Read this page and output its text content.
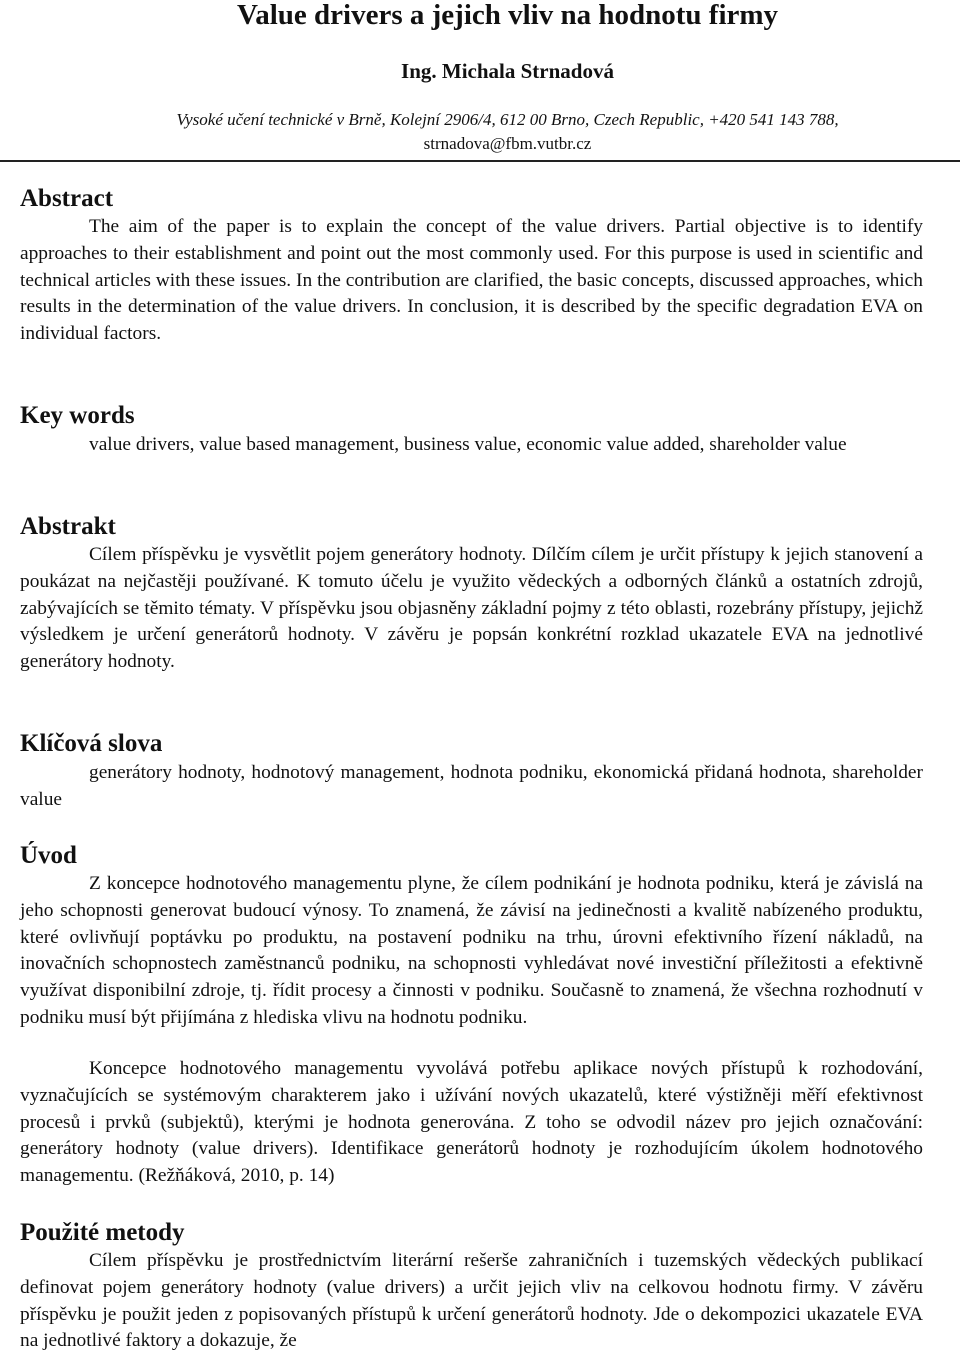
Value drivers a jejich vliv na hodnotu firmy
Ing. Michala Strnadová
Vysoké učení technické v Brně, Kolejní 2906/4, 612 00 Brno, Czech Republic, +420 541 143 788,
strnadova@fbm.vutbr.cz
Abstract

The aim of the paper is to explain the concept of the value drivers. Partial objective is to identify approaches to their establishment and point out the most commonly used. For this purpose is used in scientific and technical articles with these issues. In the contribution are clarified, the basic concepts, discussed approaches, which results in the determination of the value drivers. In conclusion, it is described by the specific degradation EVA on individual factors.

Key words

value drivers, value based management, business value, economic value added, shareholder value

Abstrakt

Cílem příspěvku je vysvětlit pojem generátory hodnoty. Dílčím cílem je určit přístupy k jejich stanovení a poukázat na nejčastěji používané. K tomuto účelu je využito vědeckých a odborných článků a ostatních zdrojů, zabývajících se těmito tématy. V příspěvku jsou objasněny základní pojmy z této oblasti, rozebrány přístupy, jejichž výsledkem je určení generátorů hodnoty. V závěru je popsán konkrétní rozklad ukazatele EVA na jednotlivé generátory hodnoty.

Klíčová slova

generátory hodnoty, hodnotový management, hodnota podniku, ekonomická přidaná hodnota, shareholder value

Úvod

Z koncepce hodnotového managementu plyne, že cílem podnikání je hodnota podniku, která je závislá na jeho schopnosti generovat budoucí výnosy. To znamená, že závisí na jedinečnosti a kvalitě nabízeného produktu, které ovlivňují poptávku po produktu, na postavení podniku na trhu, úrovni efektivního řízení nákladů, na inovačních schopnostech zaměstnanců podniku, na schopnosti vyhledávat nové investiční příležitosti a efektivně využívat disponibilní zdroje, tj. řídit procesy a činnosti v podniku. Současně to znamená, že všechna rozhodnutí v podniku musí být přijímána z hlediska vlivu na hodnotu podniku.

Koncepce hodnotového managementu vyvolává potřebu aplikace nových přístupů k rozhodování, vyznačujících se systémovým charakterem jako i užívání nových ukazatelů, které výstižněji měří efektivnost procesů i prvků (subjektů), kterými je hodnota generována. Z toho se odvodil název pro jejich označování: generátory hodnoty (value drivers). Identifikace generátorů hodnoty je rozhodujícím úkolem hodnotového managementu. (Režňáková, 2010, p. 14)

Použité metody

Cílem příspěvku je prostřednictvím literární rešerše zahraničních i tuzemských vědeckých publikací definovat pojem generátory hodnoty (value drivers) a určit jejich vliv na celkovou hodnotu firmy. V závěru příspěvku je použit jeden z popisovaných přístupů k určení generátorů hodnoty. Jde o dekompozici ukazatele EVA na jednotlivé faktory a dokazuje, že
